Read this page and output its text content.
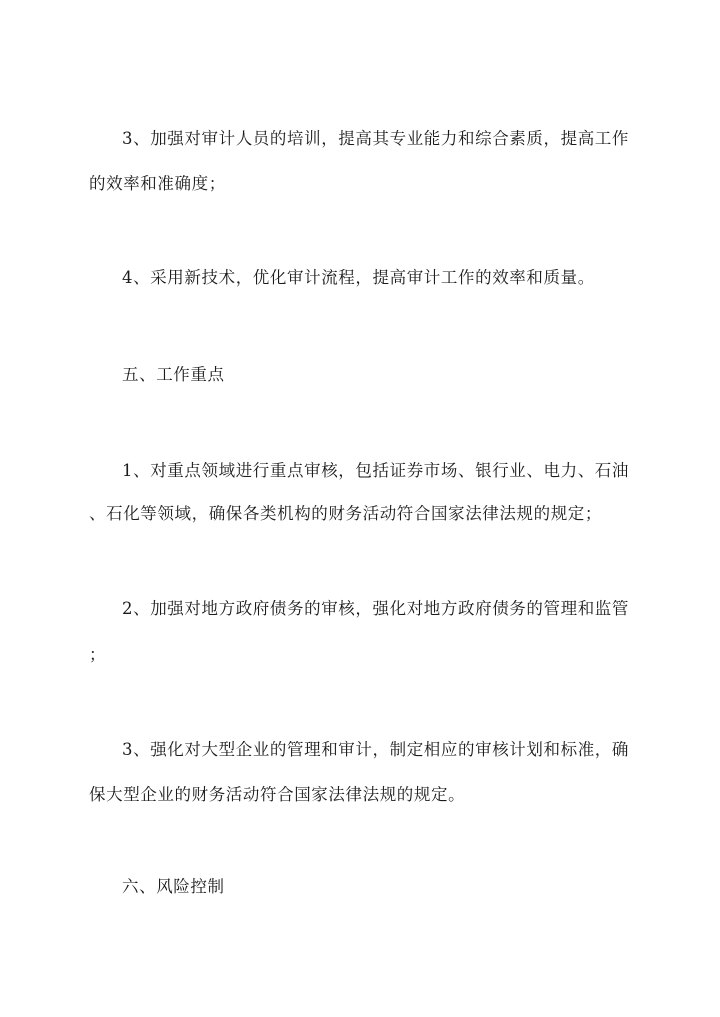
3、加强对审计人员的培训，提高其专业能力和综合素质，提高工作
的效率和准确度；
4、采用新技术，优化审计流程，提高审计工作的效率和质量。
五、工作重点
1、对重点领域进行重点审核，包括证券市场、银行业、电力、石油
、石化等领域，确保各类机构的财务活动符合国家法律法规的规定；
2、加强对地方政府债务的审核，强化对地方政府债务的管理和监管
；
3、强化对大型企业的管理和审计，制定相应的审核计划和标准，确
保大型企业的财务活动符合国家法律法规的规定。
六、风险控制
